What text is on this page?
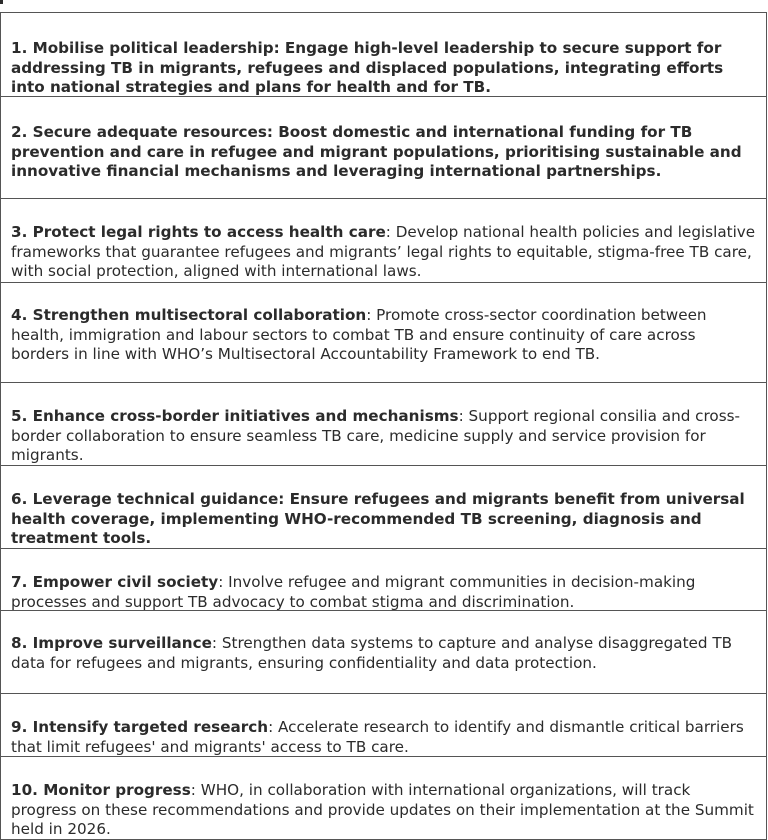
1. Mobilise political leadership: Engage high-level leadership to secure support for addressing TB in migrants, refugees and displaced populations, integrating efforts into national strategies and plans for health and for TB.
2. Secure adequate resources: Boost domestic and international funding for TB prevention and care in refugee and migrant populations, prioritising sustainable and innovative financial mechanisms and leveraging international partnerships.
3. Protect legal rights to access health care: Develop national health policies and legislative frameworks that guarantee refugees and migrants’ legal rights to equitable, stigma-free TB care, with social protection, aligned with international laws.
4. Strengthen multisectoral collaboration: Promote cross-sector coordination between health, immigration and labour sectors to combat TB and ensure continuity of care across borders in line with WHO’s Multisectoral Accountability Framework to end TB.
5. Enhance cross-border initiatives and mechanisms: Support regional consilia and cross-border collaboration to ensure seamless TB care, medicine supply and service provision for migrants.
6. Leverage technical guidance: Ensure refugees and migrants benefit from universal health coverage, implementing WHO-recommended TB screening, diagnosis and treatment tools.
7. Empower civil society: Involve refugee and migrant communities in decision-making processes and support TB advocacy to combat stigma and discrimination.
8. Improve surveillance: Strengthen data systems to capture and analyse disaggregated TB data for refugees and migrants, ensuring confidentiality and data protection.
9. Intensify targeted research: Accelerate research to identify and dismantle critical barriers that limit refugees' and migrants' access to TB care.
10. Monitor progress: WHO, in collaboration with international organizations, will track progress on these recommendations and provide updates on their implementation at the Summit held in 2026.
